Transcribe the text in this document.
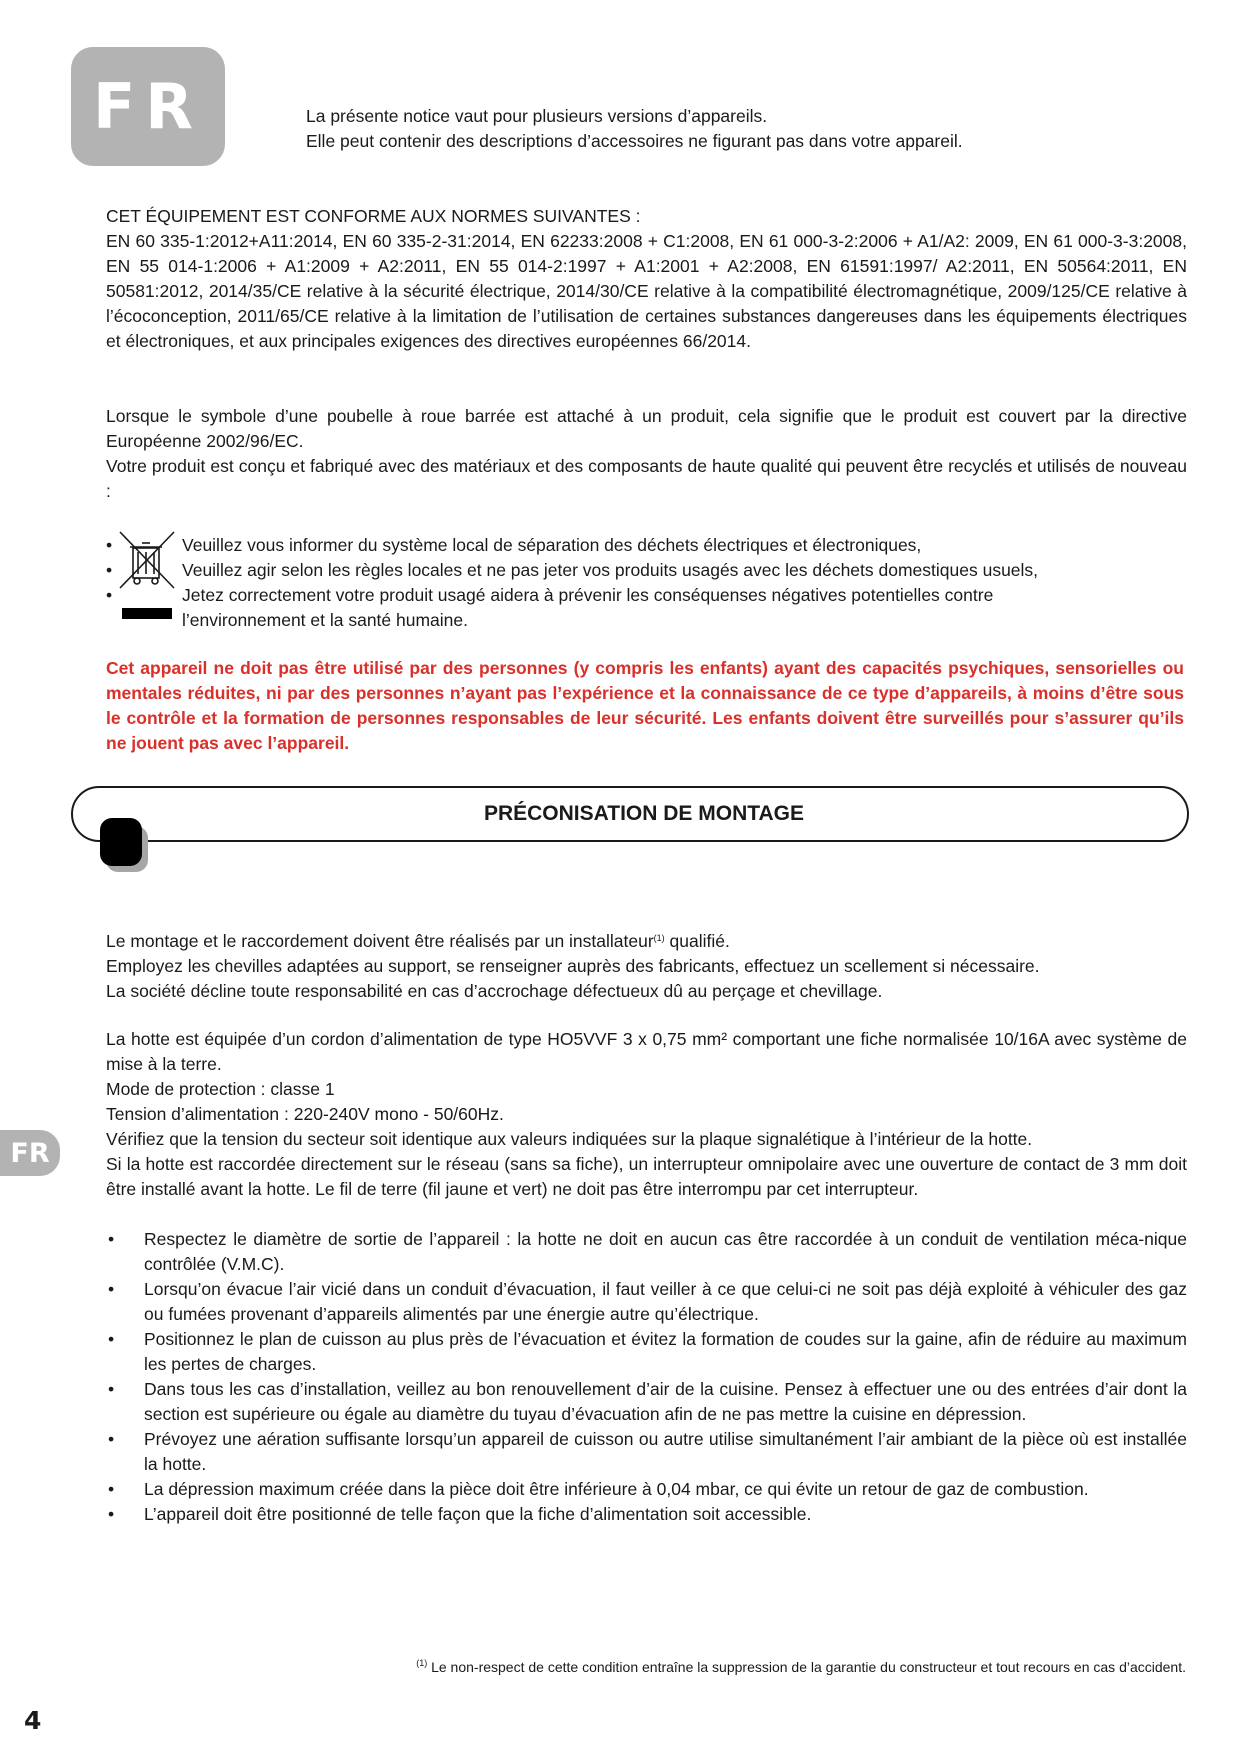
FR	La présente notice vaut pour plusieurs versions d’appareils.
Elle peut contenir des descriptions d’accessoires ne figurant pas dans votre appareil.

CET ÉQUIPEMENT EST CONFORME AUX NORMES SUIVANTES :

EN 60 335-1:2012+A11:2014, EN 60 335-2-31:2014, EN 62233:2008 + C1:2008, EN 61 000-3-2:2006 + A1/A2: 2009, EN 61 000-3-3:2008, EN 55 014-1:2006 + A1:2009 + A2:2011, EN 55 014-2:1997 + A1:2001 + A2:2008, EN 61591:1997/ A2:2011, EN 50564:2011, EN 50581:2012, 2014/35/CE relative à la sécurité électrique, 2014/30/CE relative à la compatibilité électromagnétique, 2009/125/CE relative à l’écoconception, 2011/65/CE relative à la limitation de l’utilisation de certaines substances dangereuses dans les équipements électriques et électroniques, et aux principales exigences des directives européennes 66/2014.

Lorsque le symbole d’une poubelle à roue barrée est attaché à un produit, cela signifie que le produit est couvert par la directive Européenne 2002/96/EC.

Votre produit est conçu et fabriqué avec des matériaux et des composants de haute qualité qui peuvent être recyclés et utilisés de nouveau :

•	Veuillez vous informer du système local de séparation des déchets électriques et électroniques,
•	Veuillez agir selon les règles locales et ne pas jeter vos produits usagés avec les déchets domestiques usuels,
•	Jetez correctement votre produit usagé aidera à prévenir les conséquenses négatives potentielles contre
l’environnement et la santé humaine.
Cet appareil ne doit pas être utilisé par des personnes (y compris les enfants) ayant des capacités psychiques, sensorielles ou mentales réduites, ni par des personnes n’ayant pas l’expérience et la connaissance de ce type d’appareils, à moins d’être sous le contrôle et la formation de personnes responsables de leur sécurité. Les enfants doivent être surveillés pour s’assurer qu’ils ne jouent pas avec l’appareil.
PRÉCONISATION DE MONTAGE

Le montage et le raccordement doivent être réalisés par un installateur$^{(1)}$ qualifié.

Employez les chevilles adaptées au support, se renseigner auprès des fabricants, effectuez un scellement si nécessaire.

La société décline toute responsabilité en cas d’accrochage défectueux dû au perçage et chevillage.

La hotte est équipée d’un cordon d’alimentation de type HO5VVF 3 x 0,75 mm² comportant une fiche normalisée 10/16A avec système de mise à la terre.

Mode de protection : classe 1

Tension d’alimentation : 220-240V mono - 50/60Hz.

Vérifiez que la tension du secteur soit identique aux valeurs indiquées sur la plaque signalétique à l’intérieur de la hotte.

Si la hotte est raccordée directement sur le réseau (sans sa fiche), un interrupteur omnipolaire avec une ouverture de contact de 3 mm doit être installé avant la hotte. Le fil de terre (fil jaune et vert) ne doit pas être interrompu par cet interrupteur.

• Respectez le diamètre de sortie de l’appareil : la hotte ne doit en aucun cas être raccordée à un conduit de ventilation méca-nique contrôlée (V.M.C).
• Lorsqu’on évacue l’air vicié dans un conduit d’évacuation, il faut veiller à ce que celui-ci ne soit pas déjà exploité à véhiculer des gaz ou fumées provenant d’appareils alimentés par une énergie autre qu’électrique.
• Positionnez le plan de cuisson au plus près de l’évacuation et évitez la formation de coudes sur la gaine, afin de réduire au maximum les pertes de charges.
• Dans tous les cas d’installation, veillez au bon renouvellement d’air de la cuisine. Pensez à effectuer une ou des entrées d’air dont la section est supérieure ou égale au diamètre du tuyau d’évacuation afin de ne pas mettre la cuisine en dépression.
• Prévoyez une aération suffisante lorsqu’un appareil de cuisson ou autre utilise simultanément l’air ambiant de la pièce où est installée la hotte.
• La dépression maximum créée dans la pièce doit être inférieure à 0,04 mbar, ce qui évite un retour de gaz de combustion.
• L’appareil doit être positionné de telle façon que la fiche d’alimentation soit accessible.
FR
$^{(1)}$ Le non-respect de cette condition entraîne la suppression de la garantie du constructeur et tout recours en cas d’accident.
4
